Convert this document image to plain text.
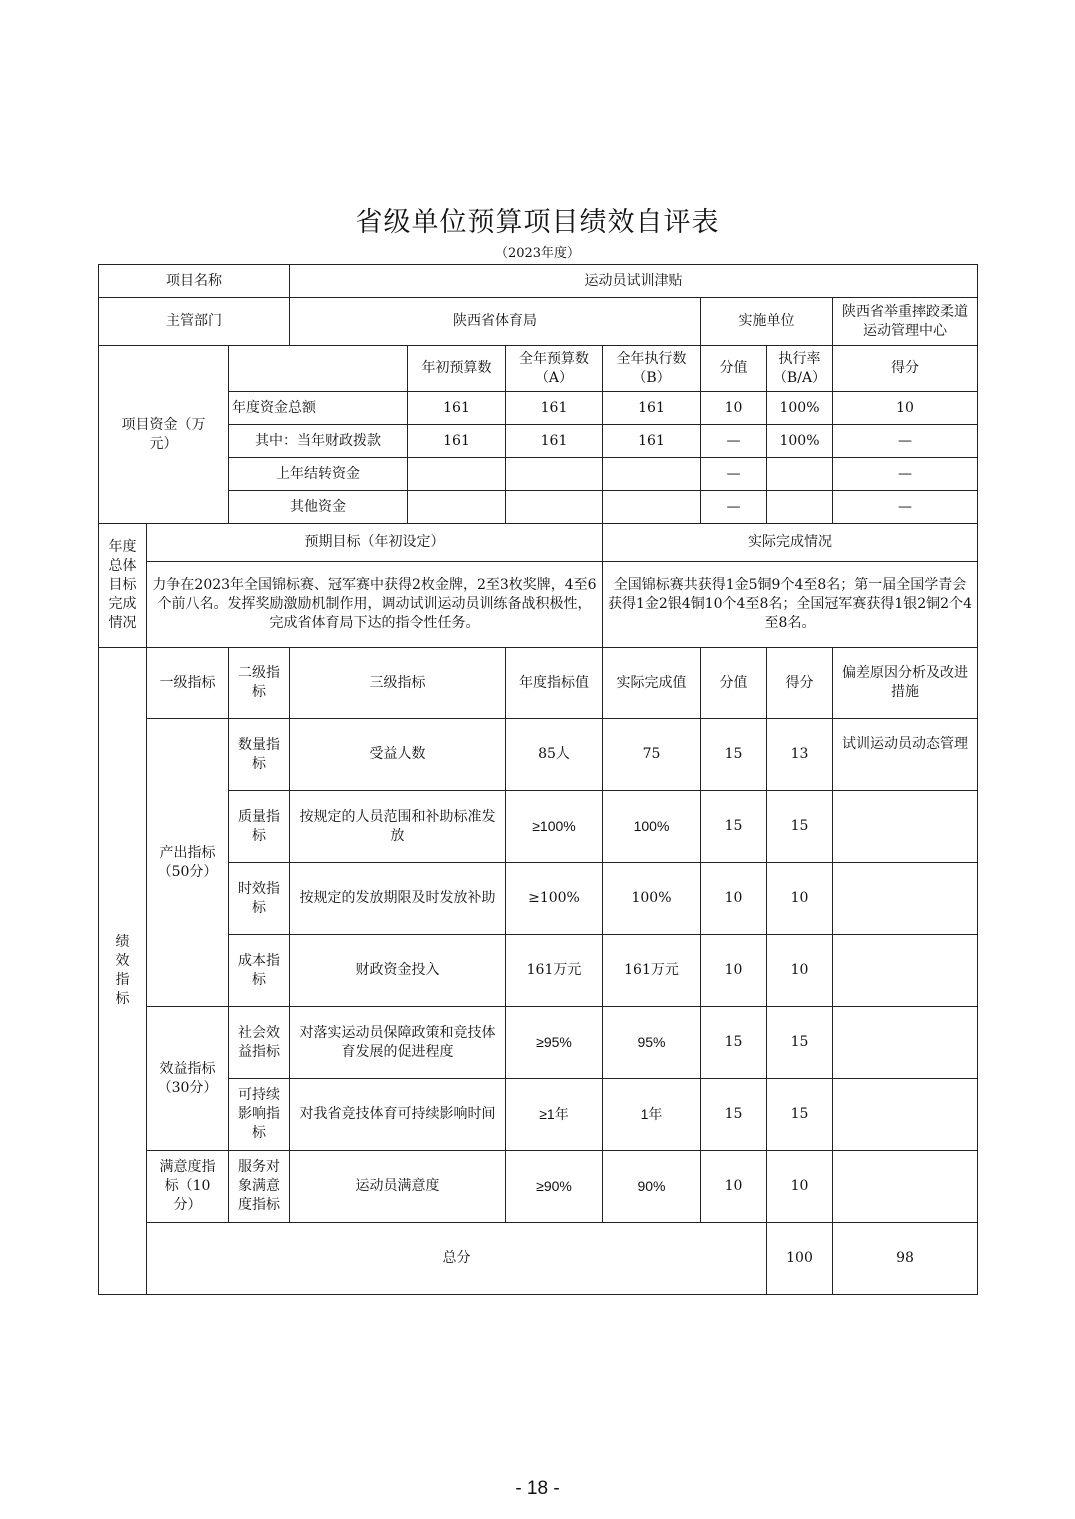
省级单位预算项目绩效自评表
（2023年度）
项目名称			运动员试训津贴							
主管部门			陕西省体育局				实施单位		陕西省举重摔跤柔道运动管理中心	
项目资金（万元）				年初预算数	全年预算数（A）	全年执行数（B）	分值	执行率（B/A）	得分	
		年度资金总额		161	161	161	10	100%	10	
		其中：当年财政拨款		161	161	161	—	100%	—	
		上年结转资金					—		—	
		其他资金					—		—	

年度总体目标完成情况	预期目标（年初设定）					实际完成情况				
	力争在2023年全国锦标赛、冠军赛中获得2枚金牌，2至3枚奖牌，4至6个前八名。发挥奖励激励机制作用，调动试训运动员训练备战积极性，完成省体育局下达的指令性任务。					全国锦标赛共获得1金5铜9个4至8名；第一届全国学青会获得1金2银4铜10个4至8名；全国冠军赛获得1银2铜2个4至8名。				

绩效指标	一级指标	二级指标	三级指标		年度指标值	实际完成值	分值	得分	偏差原因分析及改进措施	
	产出指标（50分）	数量指标	受益人数		85人	75	15	13	试训运动员动态管理	
		质量指标	按规定的人员范围和补助标准发放		≥100%	100%	15	15		
		时效指标	按规定的发放期限及时发放补助		≥100%	100%	10	10		
		成本指标	财政资金投入		161万元	161万元	10	10		
	效益指标（30分）	社会效益指标	对落实运动员保障政策和竞技体育发展的促进程度		≥95%	95%	15	15		
		可持续影响指标	对我省竞技体育可持续影响时间		≥1年	1年	15	15		
	满意度指标（10分）	服务对象满意度指标	运动员满意度		≥90%	90%	10	10		
	总分							100	98	
- 18 -
